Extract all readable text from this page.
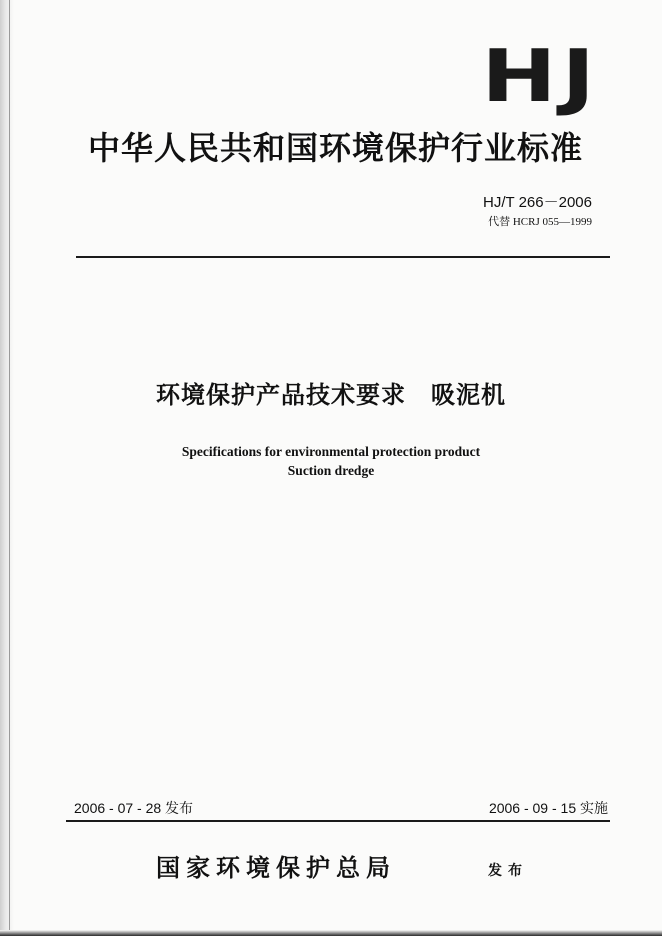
HJ
中华人民共和国环境保护行业标准
HJ/T 266－2006
代替 HCRJ 055—1999
环境保护产品技术要求　吸泥机
Specifications for environmental protection product
Suction dredge
2006 - 07 - 28 发布	2006 - 09 - 15 实施
国家环境保护总局	发布
